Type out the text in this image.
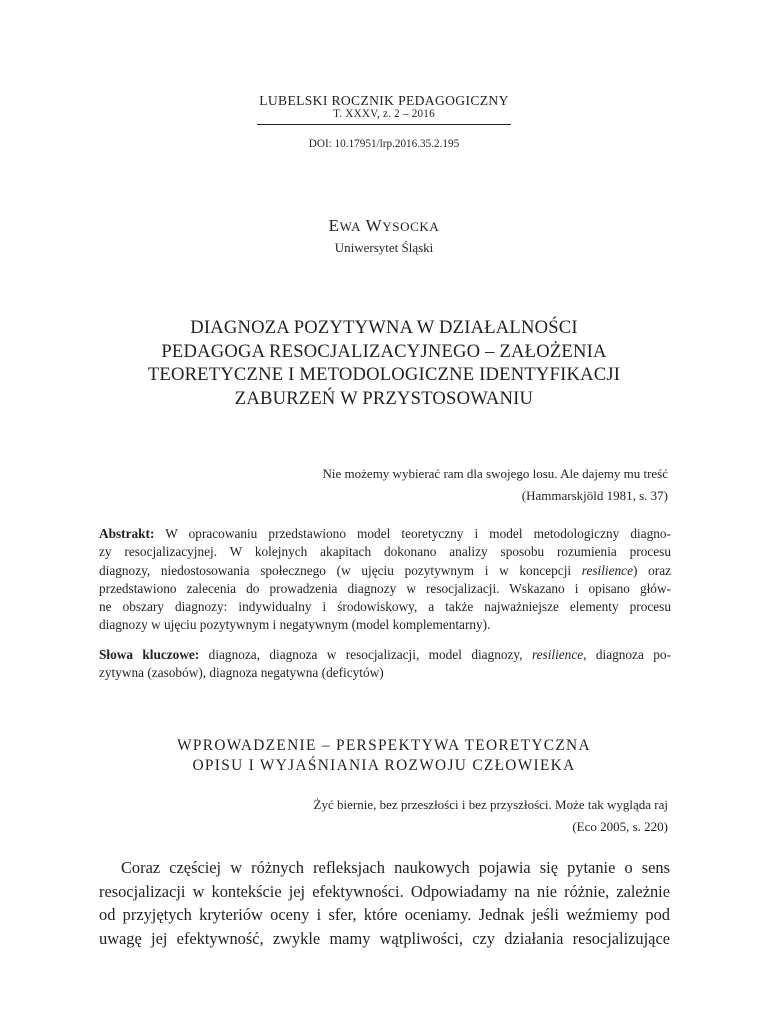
LUBELSKI ROCZNIK PEDAGOGICZNY
T. XXXV, z. 2 – 2016
DOI: 10.17951/lrp.2016.35.2.195
EWA WYSOCKA
Uniwersytet Śląski
DIAGNOZA POZYTYWNA W DZIAŁALNOŚCI
PEDAGOGA RESOCJALIZACYJNEGO – ZAŁOŻENIA
TEORETYCZNE I METODOLOGICZNE IDENTYFIKACJI
ZABURZEŃ W PRZYSTOSOWANIU
Nie możemy wybierać ram dla swojego losu. Ale dajemy mu treść
(Hammarskjöld 1981, s. 37)
Abstrakt: W opracowaniu przedstawiono model teoretyczny i model metodologiczny diagno-
zy resocjalizacyjnej. W kolejnych akapitach dokonano analizy sposobu rozumienia procesu
diagnozy, niedostosowania społecznego (w ujęciu pozytywnym i w koncepcji resilience) oraz
przedstawiono zalecenia do prowadzenia diagnozy w resocjalizacji. Wskazano i opisano głów-
ne obszary diagnozy: indywidualny i środowiskowy, a także najważniejsze elementy procesu
diagnozy w ujęciu pozytywnym i negatywnym (model komplementarny).
Słowa kluczowe: diagnoza, diagnoza w resocjalizacji, model diagnozy, resilience, diagnoza po-
zytywna (zasobów), diagnoza negatywna (deficytów)
WPROWADZENIE – PERSPEKTYWA TEORETYCZNA
OPISU I WYJAŚNIANIA ROZWOJU CZŁOWIEKA
Żyć biernie, bez przeszłości i bez przyszłości. Może tak wygląda raj
(Eco 2005, s. 220)
Coraz częściej w różnych refleksjach naukowych pojawia się pytanie o sens
resocjalizacji w kontekście jej efektywności. Odpowiadamy na nie różnie, zależnie
od przyjętych kryteriów oceny i sfer, które oceniamy. Jednak jeśli weźmiemy pod
uwagę jej efektywność, zwykle mamy wątpliwości, czy działania resocjalizujące
